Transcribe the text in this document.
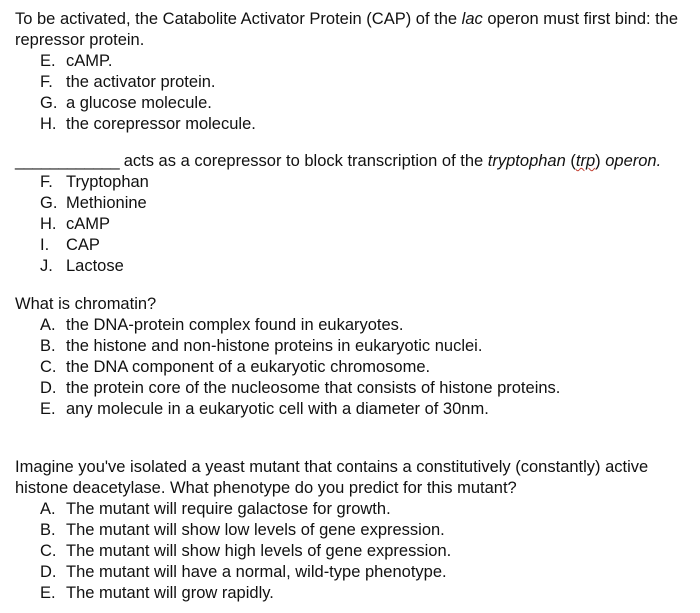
To be activated, the Catabolite Activator Protein (CAP) of the lac operon must first bind: the repressor protein.

E. cAMP.
F. the activator protein.
G. a glucose molecule.
H. the corepressor molecule.

____________ acts as a corepressor to block transcription of the tryptophan (trp) operon.

F. Tryptophan
G. Methionine
H. cAMP
I. CAP
J. Lactose

What is chromatin?

A. the DNA-protein complex found in eukaryotes.
B. the histone and non-histone proteins in eukaryotic nuclei.
C. the DNA component of a eukaryotic chromosome.
D. the protein core of the nucleosome that consists of histone proteins.
E. any molecule in a eukaryotic cell with a diameter of 30nm.

Imagine you've isolated a yeast mutant that contains a constitutively (constantly) active histone deacetylase. What phenotype do you predict for this mutant?

A. The mutant will require galactose for growth.
B. The mutant will show low levels of gene expression.
C. The mutant will show high levels of gene expression.
D. The mutant will have a normal, wild-type phenotype.
E. The mutant will grow rapidly.
